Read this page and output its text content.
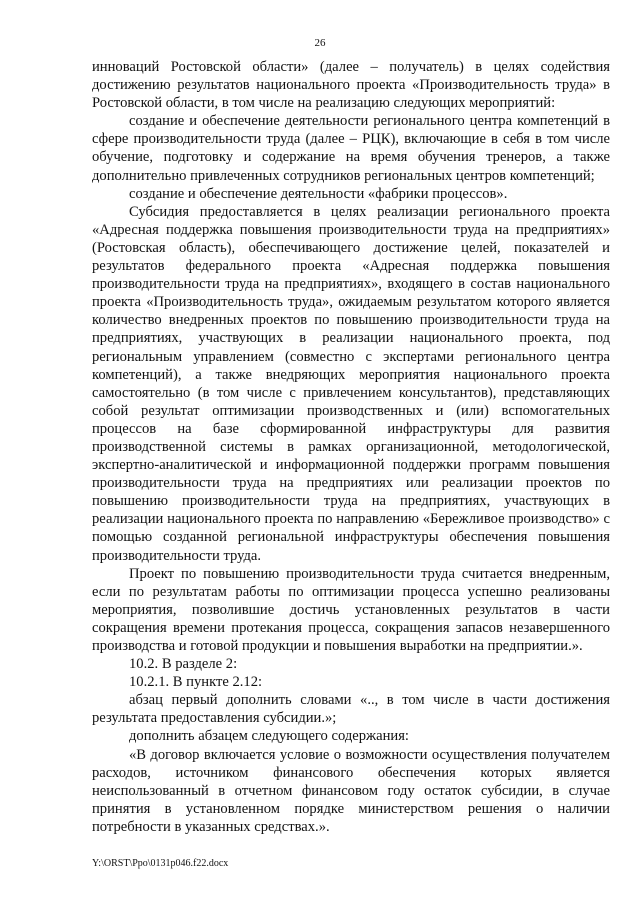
26

инноваций Ростовской области» (далее – получатель) в целях содействия достижению результатов национального проекта «Производительность труда» в Ростовской области, в том числе на реализацию следующих мероприятий:

создание и обеспечение деятельности регионального центра компетенций в сфере производительности труда (далее – РЦК), включающие в себя в том числе обучение, подготовку и содержание на время обучения тренеров, а также дополнительно привлеченных сотрудников региональных центров компетенций;

создание и обеспечение деятельности «фабрики процессов».

Субсидия предоставляется в целях реализации регионального проекта «Адресная поддержка повышения производительности труда на предприятиях» (Ростовская область), обеспечивающего достижение целей, показателей и результатов федерального проекта «Адресная поддержка повышения производительности труда на предприятиях», входящего в состав национального проекта «Производительность труда», ожидаемым результатом которого является количество внедренных проектов по повышению производительности труда на предприятиях, участвующих в реализации национального проекта, под региональным управлением (совместно с экспертами регионального центра компетенций), а также внедряющих мероприятия национального проекта самостоятельно (в том числе с привлечением консультантов), представляющих собой результат оптимизации производственных и (или) вспомогательных процессов на базе сформированной инфраструктуры для развития производственной системы в рамках организационной, методологической, экспертно-аналитической и информационной поддержки программ повышения производительности труда на предприятиях или реализации проектов по повышению производительности труда на предприятиях, участвующих в реализации национального проекта по направлению «Бережливое производство» с помощью созданной региональной инфраструктуры обеспечения повышения производительности труда.

Проект по повышению производительности труда считается внедренным, если по результатам работы по оптимизации процесса успешно реализованы мероприятия, позволившие достичь установленных результатов в части сокращения времени протекания процесса, сокращения запасов незавершенного производства и готовой продукции и повышения выработки на предприятии.».

10.2. В разделе 2:

10.2.1. В пункте 2.12:

абзац первый дополнить словами «.., в том числе в части достижения результата предоставления субсидии.»;

дополнить абзацем следующего содержания:

«В договор включается условие о возможности осуществления получателем расходов, источником финансового обеспечения которых является неиспользованный в отчетном финансовом году остаток субсидии, в случае принятия в установленном порядке министерством решения о наличии потребности в указанных средствах.».

Y:\ORST\Ppo\0131p046.f22.docx
